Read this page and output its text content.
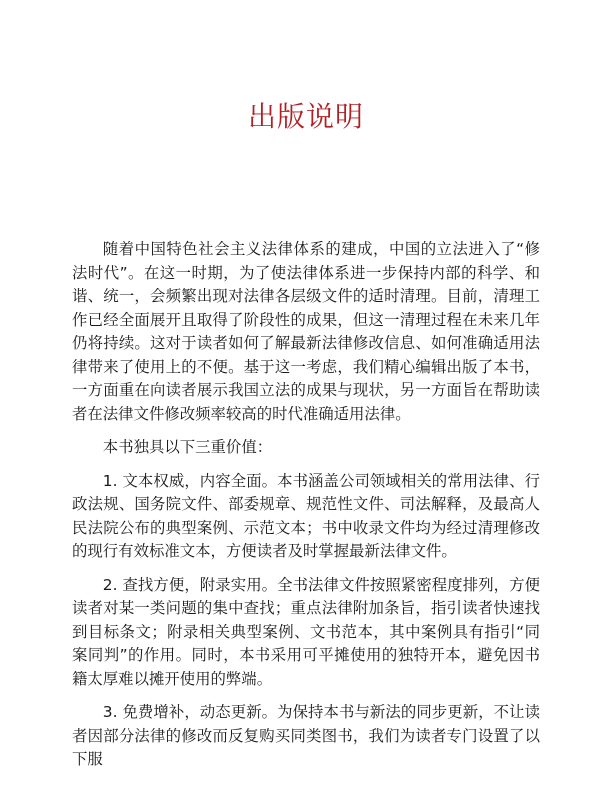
出版说明

随着中国特色社会主义法律体系的建成，中国的立法进入了“修法时代”。在这一时期，为了使法律体系进一步保持内部的科学、和谐、统一，会频繁出现对法律各层级文件的适时清理。目前，清理工作已经全面展开且取得了阶段性的成果，但这一清理过程在未来几年仍将持续。这对于读者如何了解最新法律修改信息、如何准确适用法律带来了使用上的不便。基于这一考虑，我们精心编辑出版了本书，一方面重在向读者展示我国立法的成果与现状，另一方面旨在帮助读者在法律文件修改频率较高的时代准确适用法律。

本书独具以下三重价值：

1. 文本权威，内容全面。本书涵盖公司领域相关的常用法律、行政法规、国务院文件、部委规章、规范性文件、司法解释，及最高人民法院公布的典型案例、示范文本；书中收录文件均为经过清理修改的现行有效标准文本，方便读者及时掌握最新法律文件。

2. 查找方便，附录实用。全书法律文件按照紧密程度排列，方便读者对某一类问题的集中查找；重点法律附加条旨，指引读者快速找到目标条文；附录相关典型案例、文书范本，其中案例具有指引“同案同判”的作用。同时，本书采用可平摊使用的独特开本，避免因书籍太厚难以摊开使用的弊端。

3. 免费增补，动态更新。为保持本书与新法的同步更新，不让读者因部分法律的修改而反复购买同类图书，我们为读者专门设置了以下服
